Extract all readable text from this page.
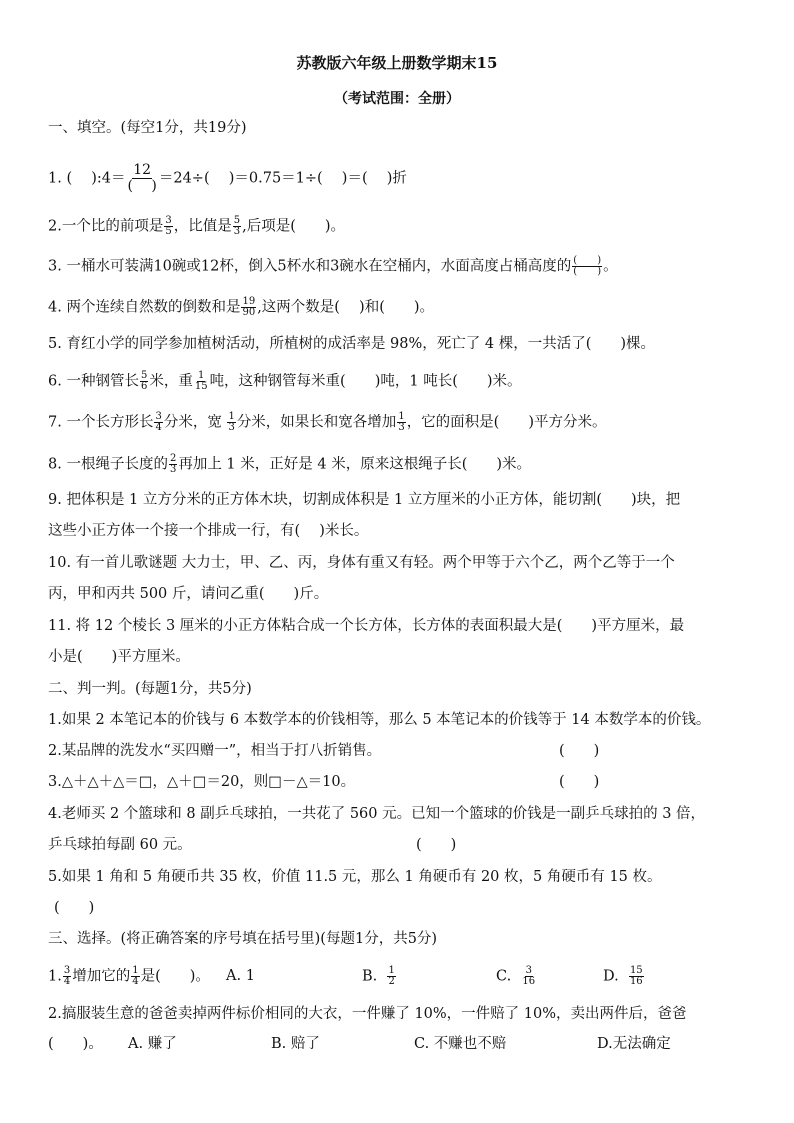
苏教版六年级上册数学期末15
（考试范围：全册）
一、填空。(每空1分，共19分)
1. (　 ):4＝ $\frac{12}{( )} =24\div$(　 )＝0.75＝1÷(　 )＝(　 )折
2.一个比的前项是 $\frac{3}{5}$ ，比值是 $\frac{5}{3}$ ,后项是(　　)。
3. 一桶水可装满10碗或12杯，倒入5杯水和3碗水在空桶内，水面高度占桶高度的 $\frac{( )}{( )}$ 。
4. 两个连续自然数的倒数和是 $\frac{19}{90}$ ,这两个数是(　 )和(　　)。
5. 育红小学的同学参加植树活动，所植树的成活率是 98%，死亡了 4 棵，一共活了(　　)棵。
6. 一种钢管长 $\frac{5}{6}$ 米，重 $\frac{1}{15}$ 吨，这种钢管每米重(　　)吨，1 吨长(　　)米。
7. 一个长方形长 $\frac{3}{4}$ 分米，宽 $\frac{1}{3}$ 分米，如果长和宽各增加 $\frac{1}{3}$ ，它的面积是(　　)平方分米。
8. 一根绳子长度的 $\frac{2}{3}$ 再加上 1 米，正好是 4 米，原来这根绳子长(　　)米。
9. 把体积是 1 立方分米的正方体木块，切割成体积是 1 立方厘米的小正方体，能切割(　　)块，把
这些小正方体一个接一个排成一行，有(　 )米长。
10. 有一首儿歌谜题 大力士，甲、乙、丙，身体有重又有轻。两个甲等于六个乙，两个乙等于一个
丙，甲和丙共 500 斤，请问乙重(　　)斤。
11. 将 12 个棱长 3 厘米的小正方体粘合成一个长方体，长方体的表面积最大是(　　)平方厘米，最
小是(　　)平方厘米。
二、判一判。(每题1分，共5分)
1.如果 2 本笔记本的价钱与 6 本数学本的价钱相等，那么 5 本笔记本的价钱等于 14 本数学本的价钱。
2.某品牌的洗发水“买四赠一”，相当于打八折销售。	(　　)
3.△＋△＋△＝□，△＋□＝20，则□－△＝10。	(　　)
4.老师买 2 个篮球和 8 副乒乓球拍，一共花了 560 元。已知一个篮球的价钱是一副乒乓球拍的 3 倍，
乒乓球拍每副 60 元。	(　　)
5.如果 1 角和 5 角硬币共 35 枚，价值 11.5 元，那么 1 角硬币有 20 枚，5 角硬币有 15 枚。
(　　)
三、选择。(将正确答案的序号填在括号里)(每题1分，共5分)
1. $\frac{3}{4}$ 增加它的 $\frac{1}{4}$ 是(　　)。 A. 1	B. $\frac{1}{2}$	C. $\frac{3}{16}$	D. $\frac{15}{16}$
2.搞服装生意的爸爸卖掉两件标价相同的大衣，一件赚了 10%，一件赔了 10%，卖出两件后，爸爸
(　　)。 A. 赚了	B. 赔了	C. 不赚也不赔	D.无法确定
